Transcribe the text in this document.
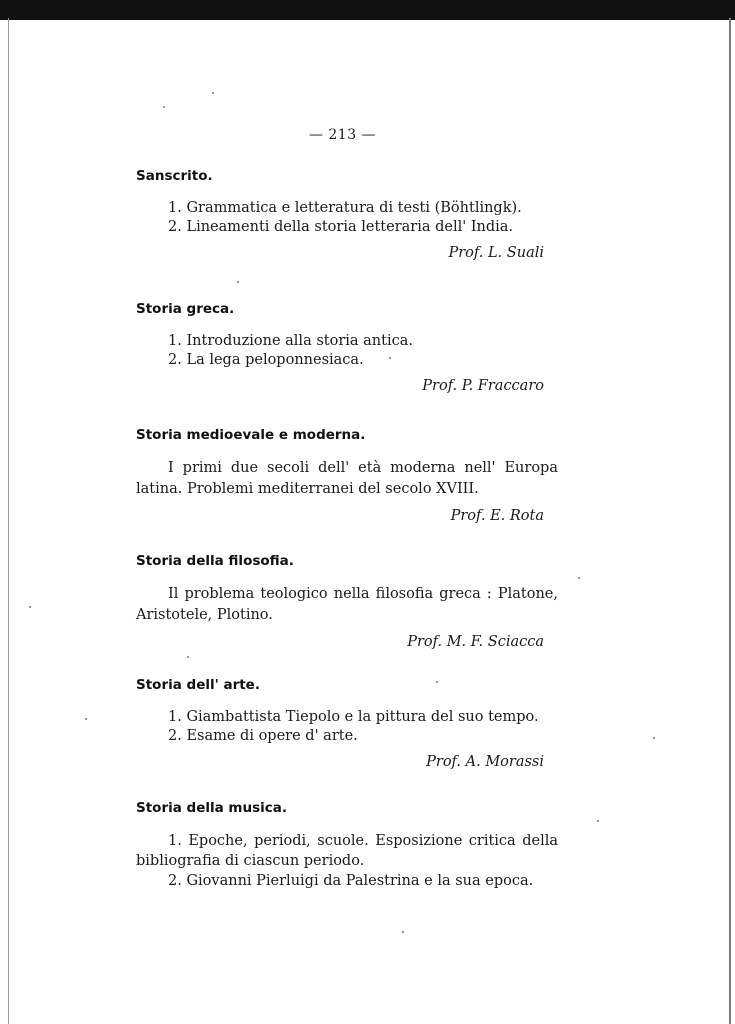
— 213 —
Sanscrito.
1. Grammatica e letteratura di testi (Böhtlingk).
2. Lineamenti della storia letteraria dell' India.
Prof. L. Suali
Storia greca.
1. Introduzione alla storia antica.
2. La lega peloponnesiaca.
Prof. P. Fraccaro
Storia medioevale e moderna.

I primi due secoli dell' età moderna nell' Europa latina. Problemi mediterranei del secolo XVIII.

Prof. E. Rota
Storia della filosofia.

Il problema teologico nella filosofia greca : Platone, Aristotele, Plotino.

Prof. M. F. Sciacca
Storia dell' arte.
1. Giambattista Tiepolo e la pittura del suo tempo.
2. Esame di opere d' arte.
Prof. A. Morassi
Storia della musica.
1. Epoche, periodi, scuole. Esposizione critica della bibliografia di ciascun periodo.
2. Giovanni Pierluigi da Palestrina e la sua epoca.
